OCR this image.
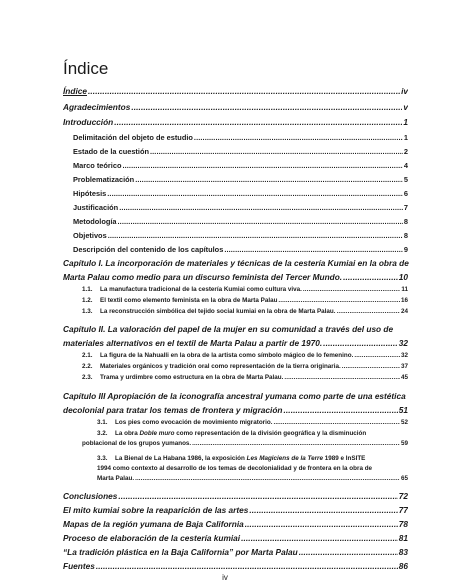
Índice
Índice .....	iv
Agradecimientos .....	v
Introducción .....	1
Delimitación del objeto de estudio .....	1
Estado de la cuestión .....	2
Marco teórico .....	4
Problematización .....	5
Hipótesis .....	6
Justificación .....	7
Metodología .....	8
Objetivos .....	8
Descripción del contenido de los capítulos .....	9
Capítulo I. La incorporación de materiales y técnicas de la cestería Kumiai en la obra de
Marta Palau como medio para un discurso feminista del Tercer Mundo. .....	10
1.1. La manufactura tradicional de la cestería Kumiai como cultura viva. .....	11
1.2. El textil como elemento feminista en la obra de Marta Palau .....	16
1.3. La reconstrucción simbólica del tejido social kumiai en la obra de Marta Palau. .....	24
Capítulo II. La valoración del papel de la mujer en su comunidad a través del uso de
materiales alternativos en el textil de Marta Palau a partir de 1970. .....	32
2.1. La figura de la Nahualli en la obra de la artista como símbolo mágico de lo femenino. .....	32
2.2. Materiales orgánicos y tradición oral como representación de la tierra originaria. .....	37
2.3. Trama y urdimbre como estructura en la obra de Marta Palau. .....	45
Capítulo III Apropiación de la iconografía ancestral yumana como parte de una estética
decolonial para tratar los temas de frontera y migración .....	51
3.1. Los pies como evocación de movimiento migratorio. .....	52
3.2. La obra Doble muro como representación de la división geográfica y la disminución
poblacional de los grupos yumanos. .....	59
3.3. La Bienal de La Habana 1986, la exposición Les Magiciens de la Terre 1989 e InSITE
1994 como contexto al desarrollo de los temas de decolonialidad y de frontera en la obra de
Marta Palau. .....	65
Conclusiones .....	72
El mito kumiai sobre la reaparición de las artes .....	77
Mapas de la región yumana de Baja California .....	78
Proceso de elaboración de la cestería kumiai .....	81
“La tradición plástica en la Baja California” por Marta Palau .....	83
Fuentes .....	86
iv
